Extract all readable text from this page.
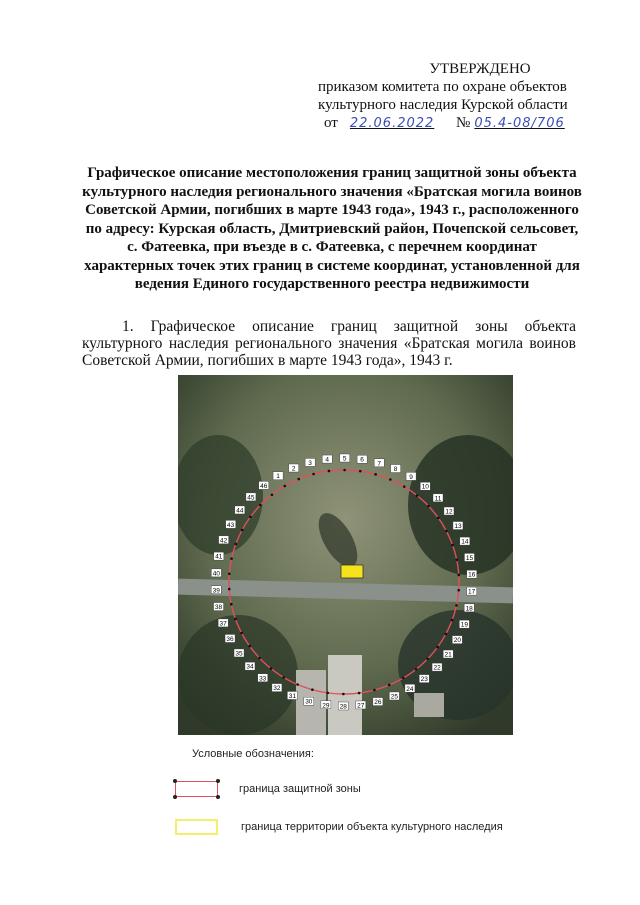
УТВЕРЖДЕНО
приказом комитета по охране объектов
культурного наследия Курской области
от 22.06.2022 № 05.4-08/706
Графическое описание местоположения границ защитной зоны объекта культурного наследия регионального значения «Братская могила воинов Советской Армии, погибших в марте 1943 года», 1943 г., расположенного по адресу: Курская область, Дмитриевский район, Почепской сельсовет, с. Фатеевка, при въезде в с. Фатеевка, с перечнем координат характерных точек этих границ в системе координат, установленной для ведения Единого государственного реестра недвижимости
1. Графическое описание границ защитной зоны объекта культурного наследия регионального значения «Братская могила воинов Советской Армии, погибших в марте 1943 года», 1943 г.
1
2
3 4 5 6
7
8
9
10
11
12
13
14
15
16
17
18
19
20
21
22
23
24
25
26
27
28
29
30
31
32
33
34
35
36
37
38
39
40
41
42
43
44
45
46
Условные обозначения:
граница защитной зоны
граница территории объекта культурного наследия
